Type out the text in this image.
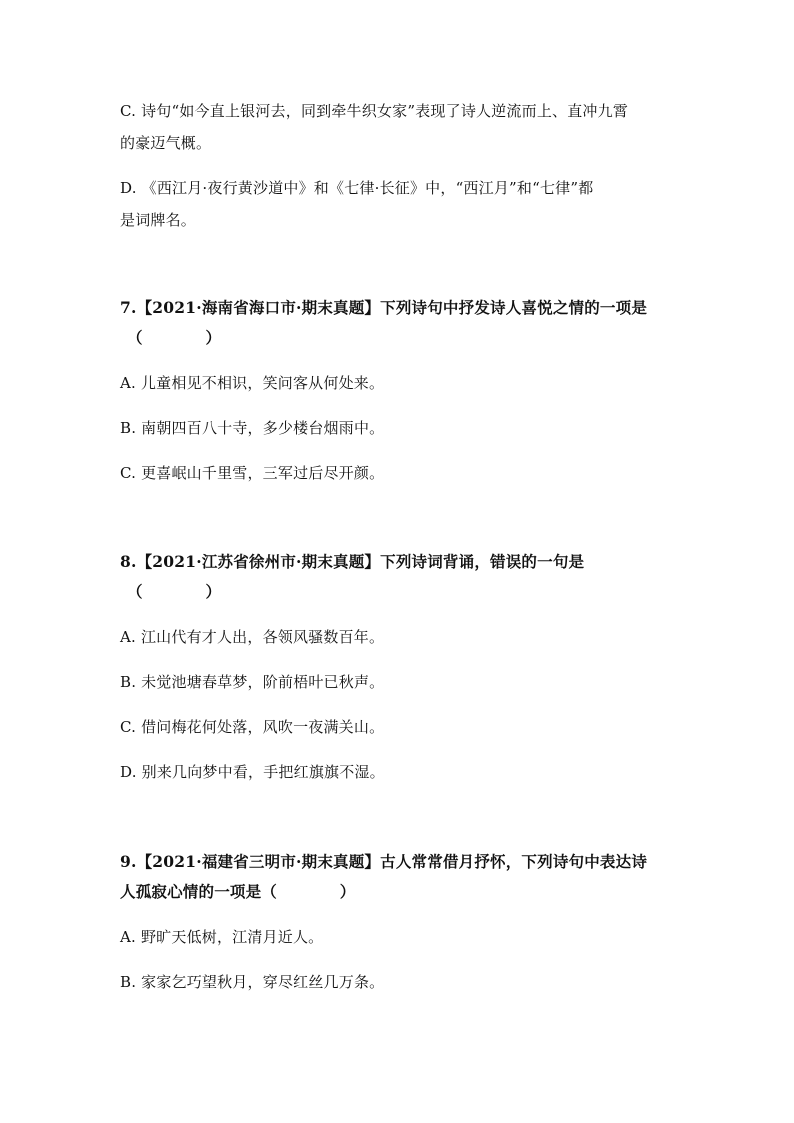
C. 诗句“如今直上银河去，同到牵牛织女家”表现了诗人逆流而上、直冲九霄
的豪迈气概。
D. 《西江月·夜行黄沙道中》和《七律·长征》中，“西江月”和“七律”都
是词牌名。
7.【2021·海南省海口市·期末真题】下列诗句中抒发诗人喜悦之情的一项是
（　　　　）
A. 儿童相见不相识，笑问客从何处来。
B. 南朝四百八十寺，多少楼台烟雨中。
C. 更喜岷山千里雪，三军过后尽开颜。
8.【2021·江苏省徐州市·期末真题】下列诗词背诵，错误的一句是
（　　　　）
A. 江山代有才人出，各领风骚数百年。
B. 未觉池塘春草梦，阶前梧叶已秋声。
C. 借问梅花何处落，风吹一夜满关山。
D. 别来几向梦中看，手把红旗旗不湿。
9.【2021·福建省三明市·期末真题】古人常常借月抒怀，下列诗句中表达诗
人孤寂心情的一项是（　　　　）
A. 野旷天低树，江清月近人。
B. 家家乞巧望秋月，穿尽红丝几万条。
